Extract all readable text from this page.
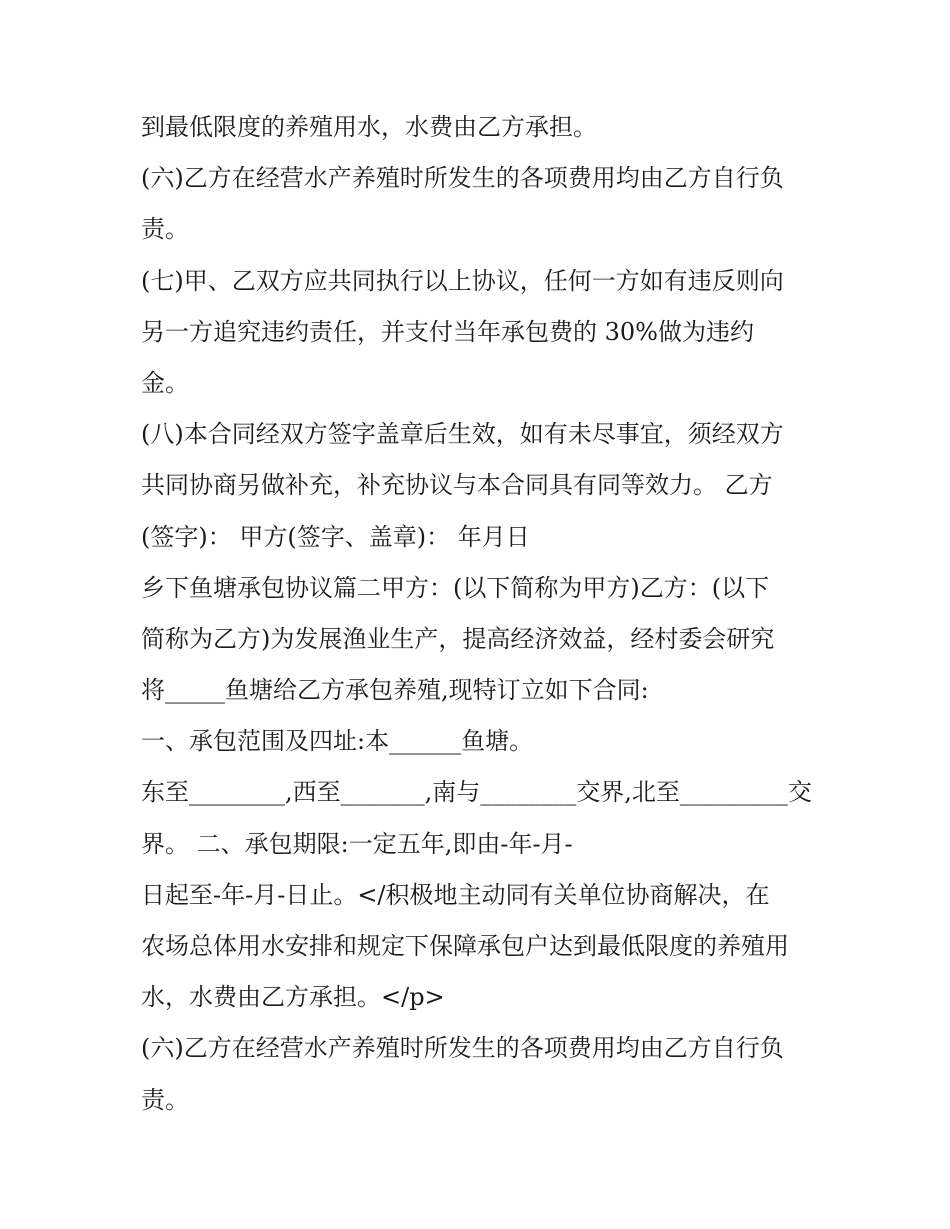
到最低限度的养殖用水，水费由乙方承担。
(六)乙方在经营水产养殖时所发生的各项费用均由乙方自行负
责。
(七)甲、乙双方应共同执行以上协议，任何一方如有违反则向
另一方追究违约责任，并支付当年承包费的 30%做为违约
金。
(八)本合同经双方签字盖章后生效，如有未尽事宜，须经双方
共同协商另做补充，补充协议与本合同具有同等效力。 乙方
(签字)： 甲方(签字、盖章)： 年月日
乡下鱼塘承包协议篇二甲方：(以下简称为甲方)乙方：(以下
简称为乙方)为发展渔业生产，提高经济效益，经村委会研究
将_____鱼塘给乙方承包养殖,现特订立如下合同:
一、承包范围及四址:本______鱼塘。
东至________,西至_______,南与________交界,北至_________交
界。 二、承包期限:一定五年,即由-年-月-
日起至-年-月-日止。</积极地主动同有关单位协商解决，在
农场总体用水安排和规定下保障承包户达到最低限度的养殖用
水，水费由乙方承担。</p>
(六)乙方在经营水产养殖时所发生的各项费用均由乙方自行负
责。
